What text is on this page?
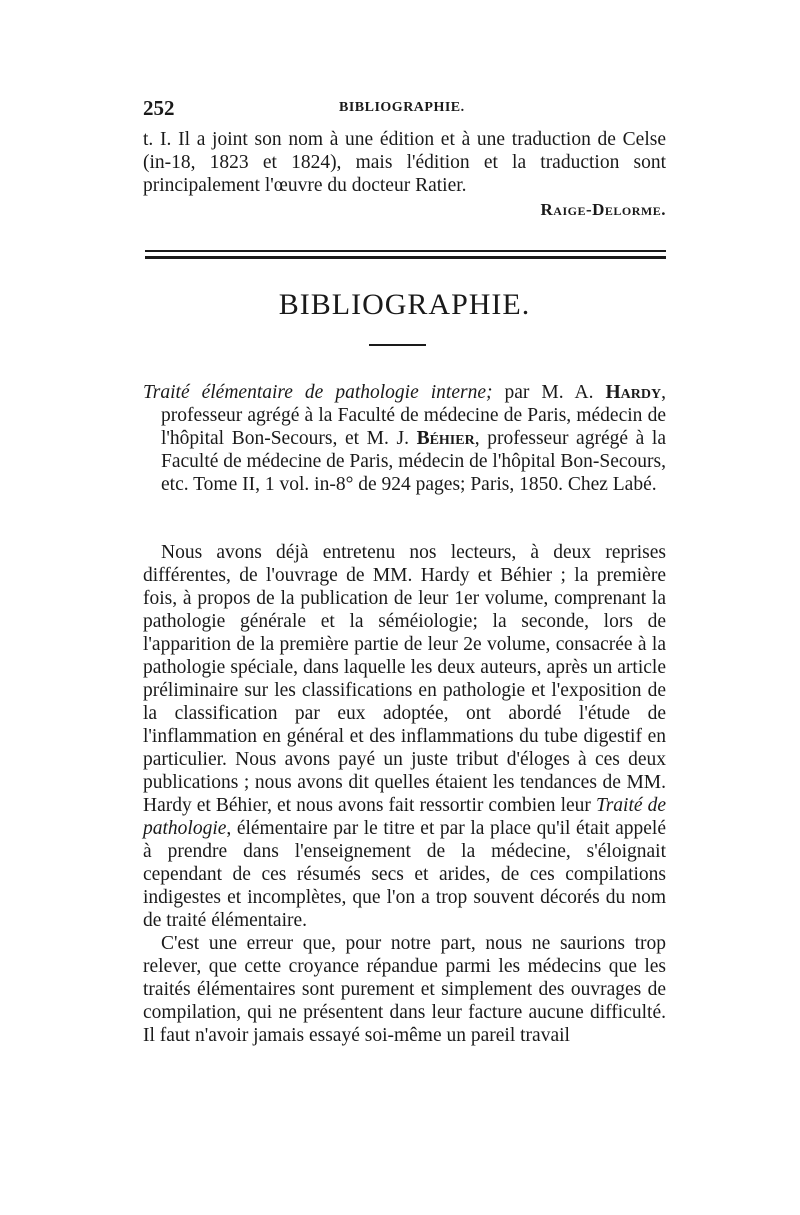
252	BIBLIOGRAPHIE.
t. I. Il a joint son nom à une édition et à une traduction de Celse (in-18, 1823 et 1824), mais l'édition et la traduction sont principalement l'œuvre du docteur Ratier.
Raige-Delorme.
BIBLIOGRAPHIE.
Traité élémentaire de pathologie interne; par M. A. Hardy, professeur agrégé à la Faculté de médecine de Paris, médecin de l'hôpital Bon-Secours, et M. J. Béhier, professeur agrégé à la Faculté de médecine de Paris, médecin de l'hôpital Bon-Secours, etc. Tome II, 1 vol. in-8° de 924 pages; Paris, 1850. Chez Labé.

Nous avons déjà entretenu nos lecteurs, à deux reprises différentes, de l'ouvrage de MM. Hardy et Béhier ; la première fois, à propos de la publication de leur 1er volume, comprenant la pathologie générale et la séméiologie; la seconde, lors de l'apparition de la première partie de leur 2e volume, consacrée à la pathologie spéciale, dans laquelle les deux auteurs, après un article préliminaire sur les classifications en pathologie et l'exposition de la classification par eux adoptée, ont abordé l'étude de l'inflammation en général et des inflammations du tube digestif en particulier. Nous avons payé un juste tribut d'éloges à ces deux publications ; nous avons dit quelles étaient les tendances de MM. Hardy et Béhier, et nous avons fait ressortir combien leur Traité de pathologie, élémentaire par le titre et par la place qu'il était appelé à prendre dans l'enseignement de la médecine, s'éloignait cependant de ces résumés secs et arides, de ces compilations indigestes et incomplètes, que l'on a trop souvent décorés du nom de traité élémentaire.

C'est une erreur que, pour notre part, nous ne saurions trop relever, que cette croyance répandue parmi les médecins que les traités élémentaires sont purement et simplement des ouvrages de compilation, qui ne présentent dans leur facture aucune difficulté. Il faut n'avoir jamais essayé soi-même un pareil travail
